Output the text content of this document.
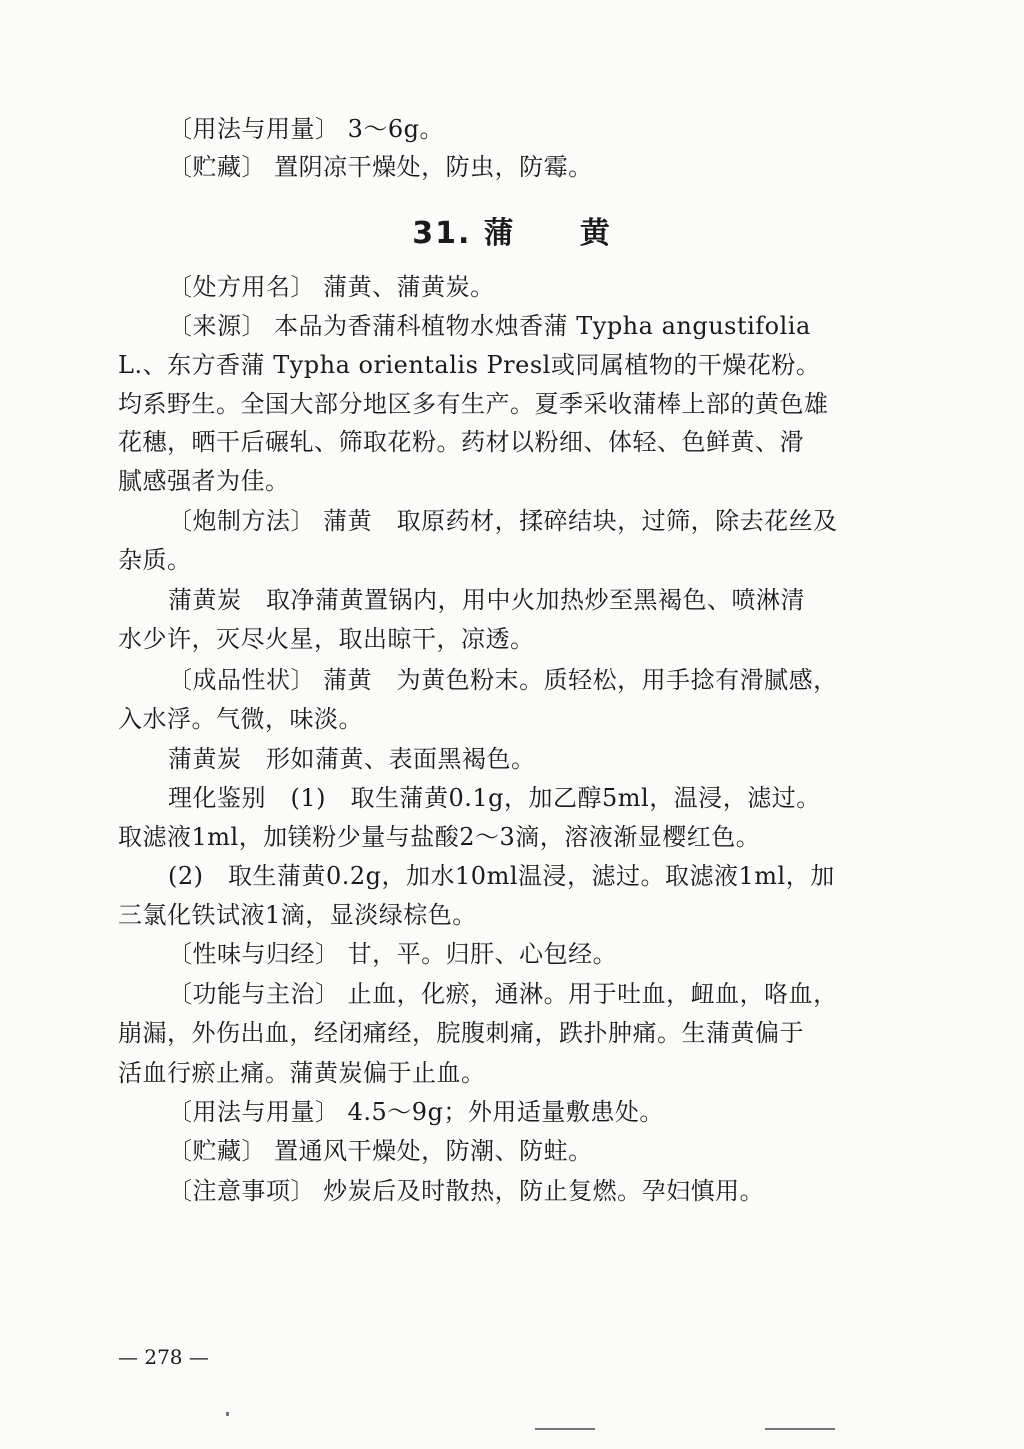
〔用法与用量〕 3～6g。
〔贮藏〕 置阴凉干燥处，防虫，防霉。
31. 蒲　　黄
〔处方用名〕 蒲黄、蒲黄炭。
〔来源〕 本品为香蒲科植物水烛香蒲 Typha angustifolia
L.、东方香蒲 Typha orientalis Presl或同属植物的干燥花粉。
均系野生。全国大部分地区多有生产。夏季采收蒲棒上部的黄色雄
花穗，晒干后碾轧、筛取花粉。药材以粉细、体轻、色鲜黄、滑
腻感强者为佳。
〔炮制方法〕 蒲黄　取原药材，揉碎结块，过筛，除去花丝及
杂质。
蒲黄炭　取净蒲黄置锅内，用中火加热炒至黑褐色、喷淋清
水少许，灭尽火星，取出晾干，凉透。
〔成品性状〕 蒲黄　为黄色粉末。质轻松，用手捻有滑腻感，
入水浮。气微，味淡。
蒲黄炭　形如蒲黄、表面黑褐色。
理化鉴别　(1)　取生蒲黄0.1g，加乙醇5ml，温浸，滤过。
取滤液1ml，加镁粉少量与盐酸2～3滴，溶液渐显樱红色。
(2)　取生蒲黄0.2g，加水10ml温浸，滤过。取滤液1ml，加
三氯化铁试液1滴，显淡绿棕色。
〔性味与归经〕 甘，平。归肝、心包经。
〔功能与主治〕 止血，化瘀，通淋。用于吐血，衄血，咯血，
崩漏，外伤出血，经闭痛经，脘腹刺痛，跌扑肿痛。生蒲黄偏于
活血行瘀止痛。蒲黄炭偏于止血。
〔用法与用量〕 4.5～9g；外用适量敷患处。
〔贮藏〕 置通风干燥处，防潮、防蛀。
〔注意事项〕 炒炭后及时散热，防止复燃。孕妇慎用。
— 278 —
